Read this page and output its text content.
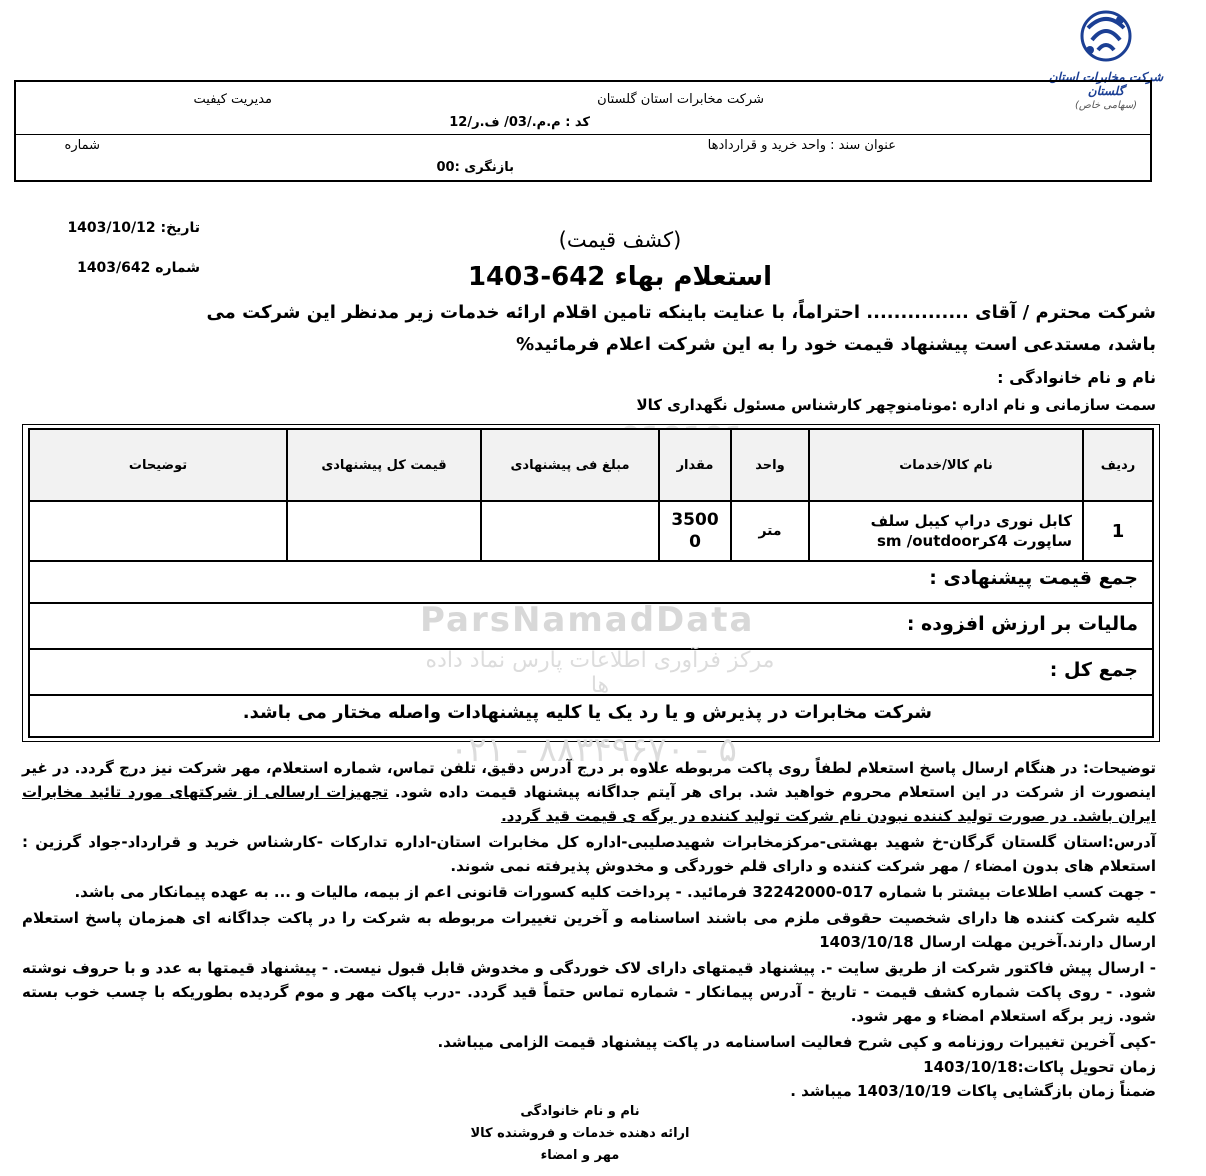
شرکت مخابرات استان گلستان
(سهامی خاص)
شرکت مخابرات استان گلستان
مدیریت کیفیت
کد : م.م./03/ ف.ر/12
عنوان سند : واحد خرید و قراردادها
شماره
بازنگری :00
تاریخ: 1403/10/12
شماره 1403/642
(کشف قیمت)
استعلام بهاء 642-1403
شرکت محترم / آقای ............... احتراماً، با عنایت باینکه تامین اقلام ارائه خدمات زیر مدنظر این شرکت می
باشد، مستدعی است پیشنهاد قیمت خود را به این شرکت اعلام فرمائید%
نام و نام خانوادگی :
سمت سازمانی و نام اداره :مونامنوچهر کارشناس مسئول نگهداری کالا
ردیف	نام کالا/خدمات	واحد	مقدار	مبلغ فی پیشنهادی	قیمت کل پیشنهادی	توضیحات
1	کابل نوری دراپ کیبل سلف ساپورت 4کرsm /outdoor	متر	35000			
جمع قیمت پیشنهادی :
مالیات بر ارزش افزوده :
جمع کل :
شرکت مخابرات در پذیرش و یا رد یک یا کلیه پیشنهادات واصله مختار می باشد.
ParsNamadData
مرکز فرآوری اطلاعات پارس نماد داده ها
۰۲۱ - ۸۸۳۴۹۶۷۰ - ۵
توضیحات: در هنگام ارسال پاسخ استعلام لطفاً روی پاکت مربوطه علاوه بر درج آدرس دقیق، تلفن تماس، شماره استعلام، مهر شرکت نیز درج گردد. در غیر اینصورت از شرکت در این استعلام محروم خواهید شد. برای هر آیتم جداگانه پیشنهاد قیمت داده شود. تجهیزات ارسالی از شرکتهای مورد تائید مخابرات ایران باشد. در صورت تولید کننده نبودن نام شرکت تولید کننده در برگه ی قیمت قید گردد.
آدرس:استان گلستان گرگان-خ شهید بهشتی-مرکزمخابرات شهیدصلیبی-اداره کل مخابرات استان-اداره تدارکات -کارشناس خرید و قرارداد-جواد گرزین : استعلام های بدون امضاء / مهر شرکت کننده و دارای قلم خوردگی و مخدوش پذیرفته نمی شوند.
- جهت کسب اطلاعات بیشتر با شماره 017-32242000 فرمائید. - پرداخت کلیه کسورات قانونی اعم از بیمه، مالیات و ... به عهده پیمانکار می باشد.
کلیه شرکت کننده ها دارای شخصیت حقوقی ملزم می باشند اساسنامه و آخرین تغییرات مربوطه به شرکت را در پاکت جداگانه ای همزمان پاسخ استعلام ارسال دارند.آخرین مهلت ارسال 1403/10/18
- ارسال پیش فاکتور شرکت از طریق سایت -. پیشنهاد قیمتهای دارای لاک خوردگی و مخدوش قابل قبول نیست. - پیشنهاد قیمتها به عدد و با حروف نوشته شود. - روی پاکت شماره کشف قیمت - تاریخ - آدرس پیمانکار - شماره تماس حتماً قید گردد. -درب پاکت مهر و موم گردیده بطوریکه با چسب خوب بسته شود. زیر برگه استعلام امضاء و مهر شود.
-کپی آخرین تغییرات روزنامه و کپی شرح فعالیت اساسنامه در پاکت پیشنهاد قیمت الزامی میباشد.
زمان تحویل پاکات:1403/10/18
ضمناً زمان بازگشایی پاکات 1403/10/19 میباشد .
نام و نام خانوادگی
ارائه دهنده خدمات و فروشنده کالا
مهر و امضاء
